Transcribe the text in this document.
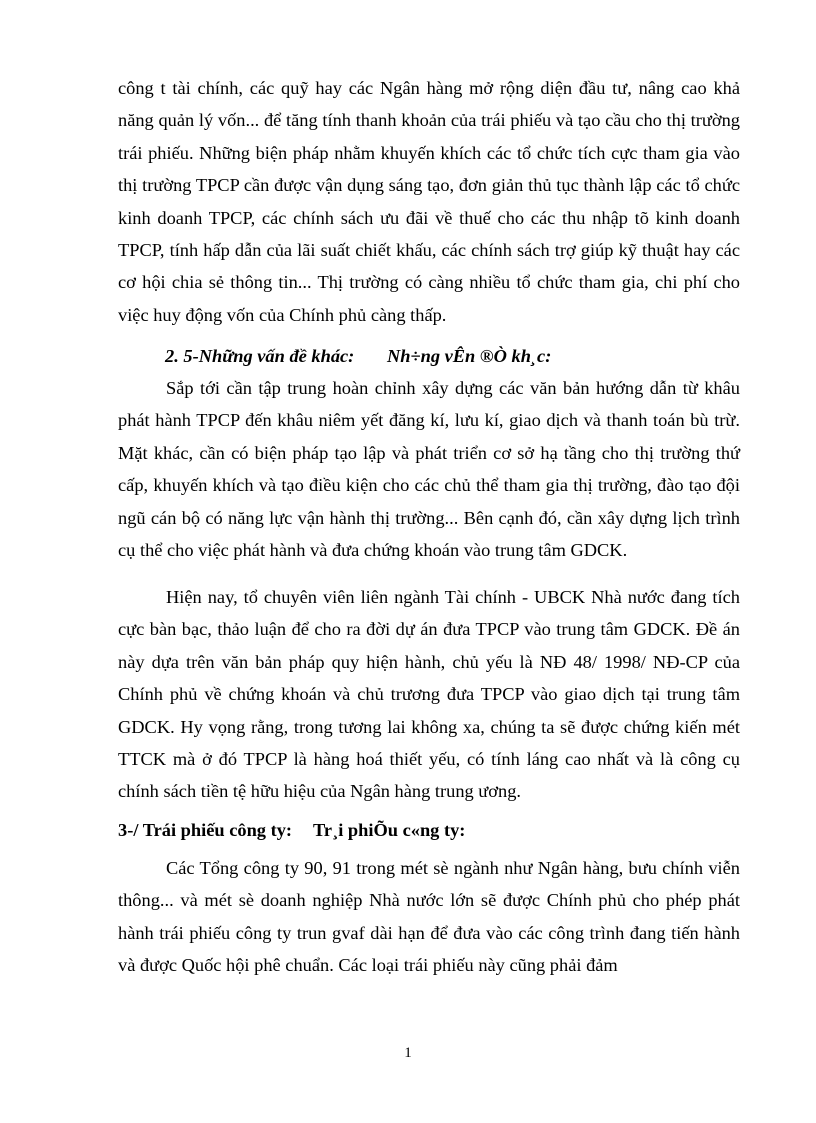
công t tài chính, các quỹ hay các Ngân hàng mở rộng diện đầu tư, nâng cao khả năng quản lý vốn... để tăng tính thanh khoản của trái phiếu và tạo cầu cho thị trường trái phiếu. Những biện pháp nhằm khuyến khích các tổ chức tích cực tham gia vào thị trường TPCP cần được vận dụng sáng tạo, đơn giản thủ tục thành lập các tổ chức kinh doanh TPCP, các chính sách ưu đãi về thuế cho các thu nhập tõ kinh doanh TPCP, tính hấp dẫn của lãi suất chiết khấu, các chính sách trợ giúp kỹ thuật hay các cơ hội chia sẻ thông tin... Thị trường có càng nhiều tổ chức tham gia, chi phí cho việc huy động vốn của Chính phủ càng thấp.

2. 5-Những vấn đề khác: Nh÷ng vÊn ®Ò kh¸c:

Sắp tới cần tập trung hoàn chỉnh xây dựng các văn bản hướng dẫn từ khâu phát hành TPCP đến khâu niêm yết đăng kí, lưu kí, giao dịch và thanh toán bù trừ. Mặt khác, cần có biện pháp tạo lập và phát triển cơ sở hạ tầng cho thị trường thứ cấp, khuyến khích và tạo điều kiện cho các chủ thể tham gia thị trường, đào tạo đội ngũ cán bộ có năng lực vận hành thị trường... Bên cạnh đó, cần xây dựng lịch trình cụ thể cho việc phát hành và đưa chứng khoán vào trung tâm GDCK.

Hiện nay, tổ chuyên viên liên ngành Tài chính - UBCK Nhà nước đang tích cực bàn bạc, thảo luận để cho ra đời dự án đưa TPCP vào trung tâm GDCK. Đề án này dựa trên văn bản pháp quy hiện hành, chủ yếu là NĐ 48/ 1998/ NĐ-CP của Chính phủ về chứng khoán và chủ trương đưa TPCP vào giao dịch tại trung tâm GDCK. Hy vọng rằng, trong tương lai không xa, chúng ta sẽ được chứng kiến mét TTCK mà ở đó TPCP là hàng hoá thiết yếu, có tính láng cao nhất và là công cụ chính sách tiền tệ hữu hiệu của Ngân hàng trung ương.

3-/ Trái phiếu công ty: Tr¸i phiÕu c«ng ty:

Các Tổng công ty 90, 91 trong mét sè ngành như Ngân hàng, bưu chính viễn thông... và mét sè doanh nghiệp Nhà nước lớn sẽ được Chính phủ cho phép phát hành trái phiếu công ty trun gvaf dài hạn để đưa vào các công trình đang tiến hành và được Quốc hội phê chuẩn. Các loại trái phiếu này cũng phải đảm

1
